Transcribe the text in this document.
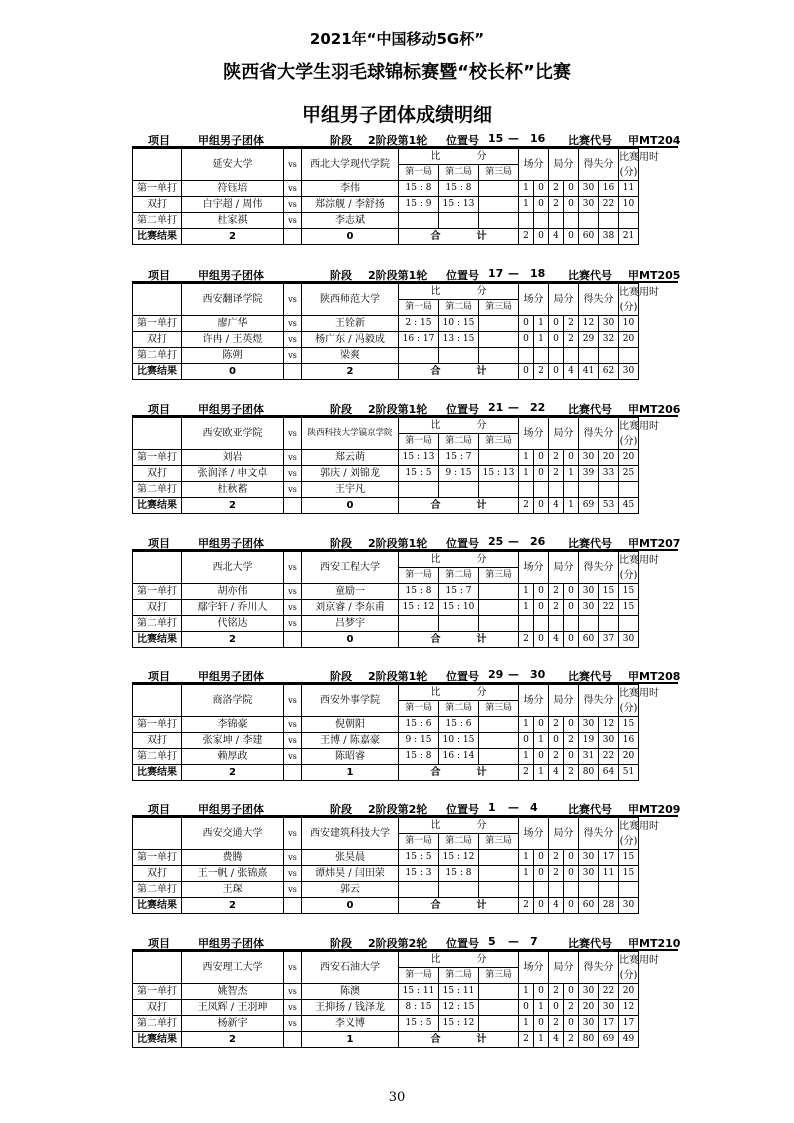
2021年“中国移动5G杯”
陕西省大学生羽毛球锦标赛暨“校长杯”比赛
甲组男子团体成绩明细
项目	甲组男子团体	阶段 2阶段第1轮 位置号 15 — 16 比赛代号 甲MT204
	延安大学	vs	西北大学现代学院	比 分			场分		局分		得失分		比赛用时
(分)

				第一局	第二局	第三局							
第一单打	符钰培	vs	李伟	15 : 8	15 : 8		1	0	2	0	30	16	11
双打	白宇超 / 周伟	vs	郑淙舰 / 李舒扬	15 : 9	15 : 13		1	0	2	0	30	22	10
第二单打	杜家祺	vs	李志斌										
比赛结果	2		0	合 计			2	0	4	0	60	38	21
项目	甲组男子团体	阶段 2阶段第1轮 位置号 17 — 18 比赛代号 甲MT205
	西安翻译学院	vs	陕西师范大学	比 分			场分		局分		得失分		比赛用时
(分)

				第一局	第二局	第三局							
第一单打	廖广华	vs	王铨新	2 : 15	10 : 15		0	1	0	2	12	30	10
双打	许冉 / 王英煜	vs	杨广东 / 冯毅成	16 : 17	13 : 15		0	1	0	2	29	32	20
第二单打	陈朔	vs	梁爽										
比赛结果	0		2	合 计			0	2	0	4	41	62	30
项目	甲组男子团体	阶段 2阶段第1轮 位置号 21 — 22 比赛代号 甲MT206
	西安欧亚学院	vs	陕西科技大学镐京学院	比 分			场分		局分		得失分		比赛用时
(分)

				第一局	第二局	第三局							
第一单打	刘岩	vs	郑云萌	15 : 13	15 : 7		1	0	2	0	30	20	20
双打	张润泽 / 申文卓	vs	郭庆 / 刘锦龙	15 : 5	9 : 15	15 : 13	1	0	2	1	39	33	25
第二单打	杜秋蓄	vs	王宇凡										
比赛结果	2		0	合 计			2	0	4	1	69	53	45
项目	甲组男子团体	阶段 2阶段第1轮 位置号 25 — 26 比赛代号 甲MT207
	西北大学	vs	西安工程大学	比 分			场分		局分		得失分		比赛用时
(分)

				第一局	第二局	第三局							
第一单打	胡亦伟	vs	童励一	15 : 8	15 : 7		1	0	2	0	30	15	15
双打	鄢宇轩 / 乔川人	vs	刘京睿 / 李东甫	15 : 12	15 : 10		1	0	2	0	30	22	15
第二单打	代铭达	vs	吕梦宇										
比赛结果	2		0	合 计			2	0	4	0	60	37	30
项目	甲组男子团体	阶段 2阶段第1轮 位置号 29 — 30 比赛代号 甲MT208
	商洛学院	vs	西安外事学院	比 分			场分		局分		得失分		比赛用时
(分)

				第一局	第二局	第三局							
第一单打	李锦豪	vs	倪朝阳	15 : 6	15 : 6		1	0	2	0	30	12	15
双打	张家坤 / 李建	vs	王博 / 陈嘉豪	9 : 15	10 : 15		0	1	0	2	19	30	16
第二单打	赖厚政	vs	陈昭睿	15 : 8	16 : 14		1	0	2	0	31	22	20
比赛结果	2		1	合 计			2	1	4	2	80	64	51
项目	甲组男子团体	阶段 2阶段第2轮 位置号 1 — 4	比赛代号 甲MT209
	西安交通大学	vs	西安建筑科技大学	比 分			场分		局分		得失分		比赛用时
(分)

				第一局	第二局	第三局							
第一单打	费腾	vs	张昊晨	15 : 5	15 : 12		1	0	2	0	30	17	15
双打	王一帆 / 张锦熹	vs	谭炜昊 / 闫田荣	15 : 3	15 : 8		1	0	2	0	30	11	15
第二单打	王琛	vs	郭云										
比赛结果	2		0	合 计			2	0	4	0	60	28	30
项目	甲组男子团体	阶段 2阶段第2轮 位置号 5 — 7	比赛代号 甲MT210
	西安理工大学	vs	西安石油大学	比 分			场分		局分		得失分		比赛用时
(分)

				第一局	第二局	第三局							
第一单打	姚智杰	vs	陈澳	15 : 11	15 : 11		1	0	2	0	30	22	20
双打	王凤辉 / 王羽珅	vs	王抑扬 / 钱泽龙	8 : 15	12 : 15		0	1	0	2	20	30	12
第二单打	杨新宇	vs	李义博	15 : 5	15 : 12		1	0	2	0	30	17	17
比赛结果	2		1	合 计			2	1	4	2	80	69	49
30
